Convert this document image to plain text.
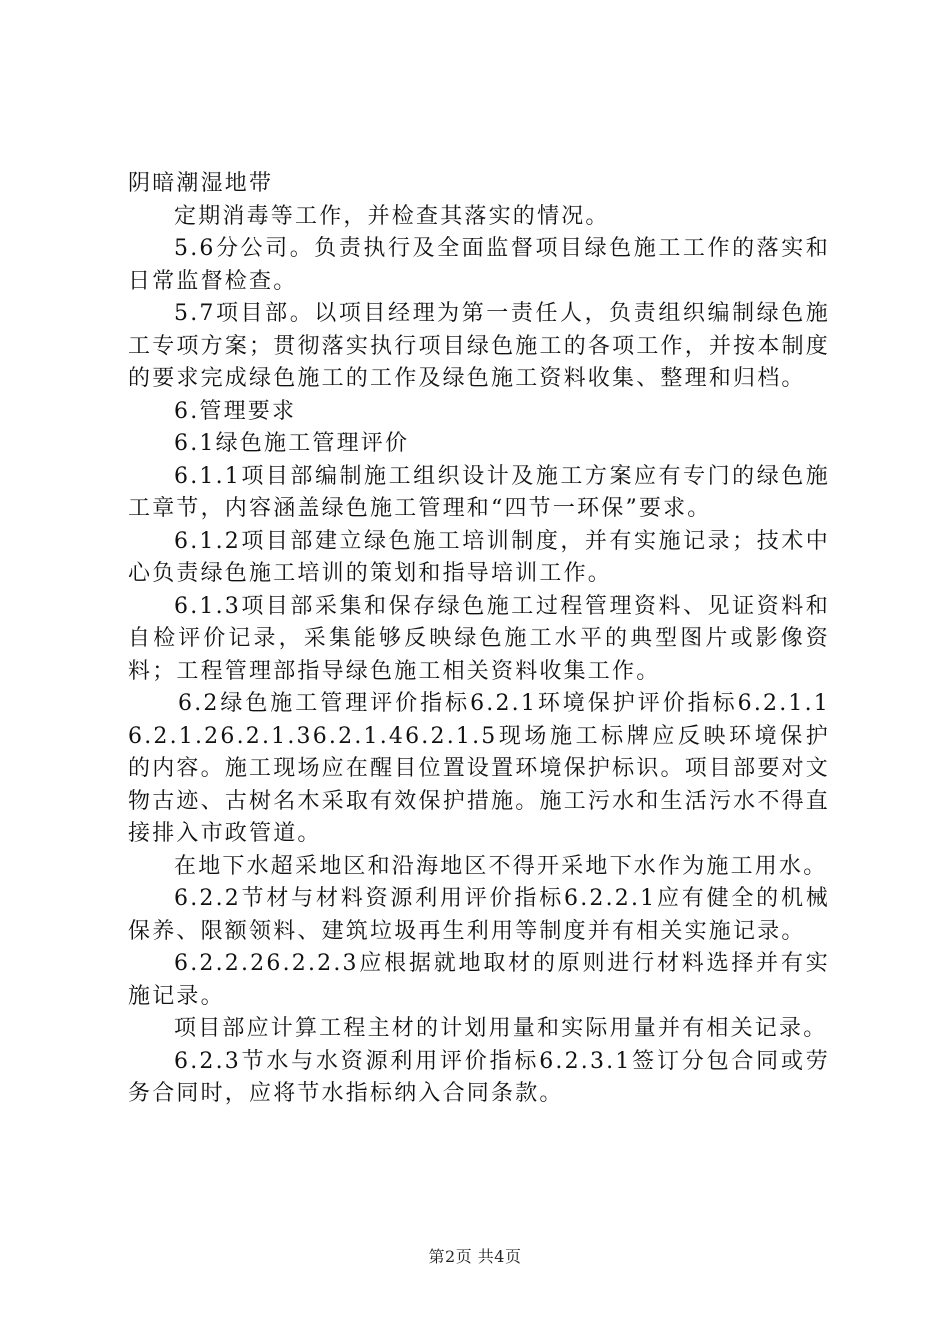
阴暗潮湿地带

定期消毒等工作，并检查其落实的情况。

5.6分公司。负责执行及全面监督项目绿色施工工作的落实和日常监督检查。

5.7项目部。以项目经理为第一责任人，负责组织编制绿色施工专项方案；贯彻落实执行项目绿色施工的各项工作，并按本制度的要求完成绿色施工的工作及绿色施工资料收集、整理和归档。

6.管理要求

6.1绿色施工管理评价

6.1.1项目部编制施工组织设计及施工方案应有专门的绿色施工章节，内容涵盖绿色施工管理和“四节一环保”要求。

6.1.2项目部建立绿色施工培训制度，并有实施记录；技术中心负责绿色施工培训的策划和指导培训工作。

6.1.3项目部采集和保存绿色施工过程管理资料、见证资料和自检评价记录，采集能够反映绿色施工水平的典型图片或影像资料；工程管理部指导绿色施工相关资料收集工作。

6.2绿色施工管理评价指标6.2.1环境保护评价指标6.2.1.16.2.1.26.2.1.36.2.1.46.2.1.5现场施工标牌应反映环境保护的内容。施工现场应在醒目位置设置环境保护标识。项目部要对文物古迹、古树名木采取有效保护措施。施工污水和生活污水不得直接排入市政管道。

在地下水超采地区和沿海地区不得开采地下水作为施工用水。

6.2.2节材与材料资源利用评价指标6.2.2.1应有健全的机械保养、限额领料、建筑垃圾再生利用等制度并有相关实施记录。

6.2.2.26.2.2.3应根据就地取材的原则进行材料选择并有实施记录。

项目部应计算工程主材的计划用量和实际用量并有相关记录。

6.2.3节水与水资源利用评价指标6.2.3.1签订分包合同或劳务合同时，应将节水指标纳入合同条款。

第2页 共4页
